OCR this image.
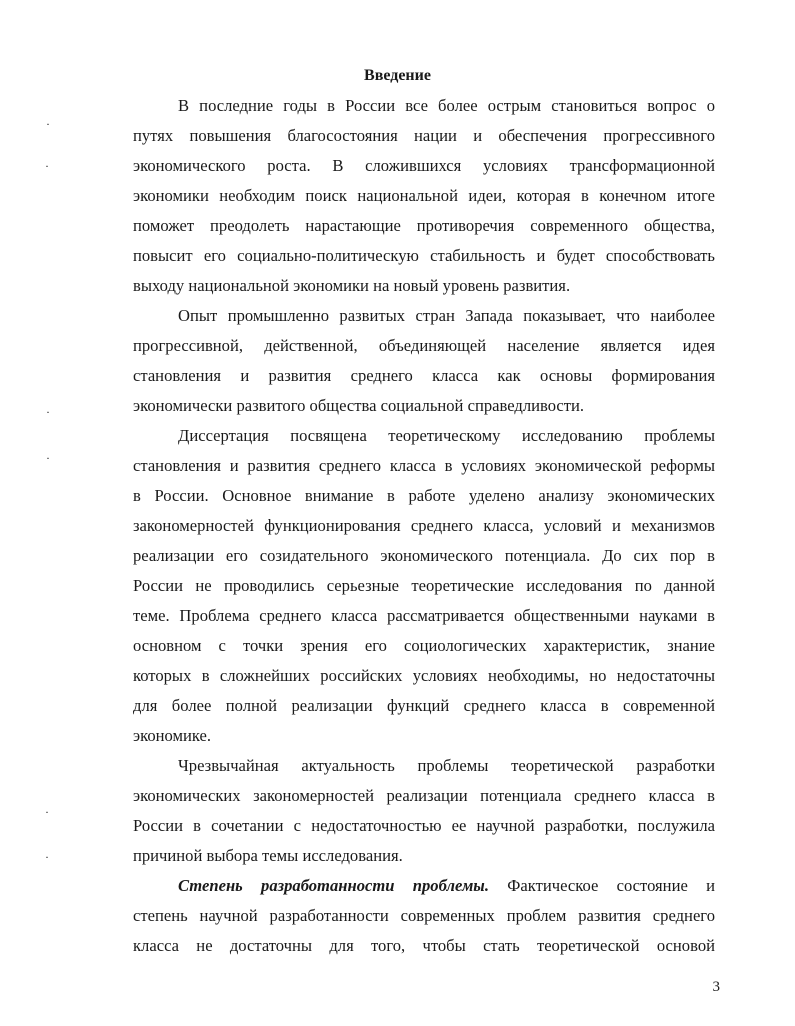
Введение
В последние годы в России все более острым становиться вопрос о
путях повышения благосостояния нации и обеспечения прогрессивного
экономического роста. В сложившихся условиях трансформационной
экономики необходим поиск национальной идеи, которая в конечном итоге
поможет преодолеть нарастающие противоречия современного общества,
повысит его социально-политическую стабильность и будет способствовать
выходу национальной экономики на новый уровень развития.
Опыт промышленно развитых стран Запада показывает, что наиболее
прогрессивной, действенной, объединяющей население является идея
становления и развития среднего класса как основы формирования
экономически развитого общества социальной справедливости.
Диссертация посвящена теоретическому исследованию проблемы
становления и развития среднего класса в условиях экономической реформы
в России. Основное внимание в работе уделено анализу экономических
закономерностей функционирования среднего класса, условий и механизмов
реализации его созидательного экономического потенциала. До сих пор в
России не проводились серьезные теоретические исследования по данной
теме. Проблема среднего класса рассматривается общественными науками в
основном с точки зрения его социологических характеристик, знание
которых в сложнейших российских условиях необходимы, но недостаточны
для более полной реализации функций среднего класса в современной
экономике.
Чрезвычайная актуальность проблемы теоретической разработки
экономических закономерностей реализации потенциала среднего класса в
России в сочетании с недостаточностью ее научной разработки, послужила
причиной выбора темы исследования.
Степень разработанности проблемы. Фактическое состояние и
степень научной разработанности современных проблем развития среднего
класса не достаточны для того, чтобы стать теоретической основой
3
·
·
·
·
·
·
